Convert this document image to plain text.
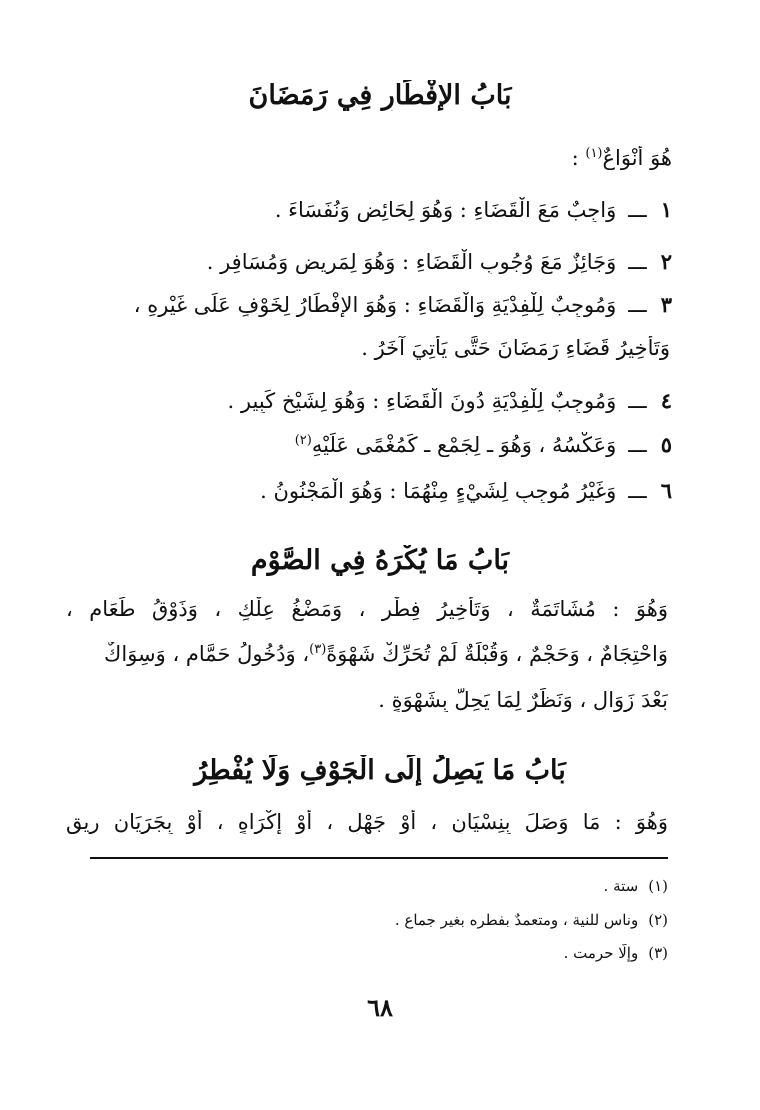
بَابُ الإِفْطَارِ فِي رَمَضَانَ
هُوَ أَنْوَاعٌ$^{(١)}$ :
١ـــوَاجِبٌ مَعَ الْقَضَاءِ : وَهُوَ لِحَائِضٍ وَنُفَسَاءَ .
٢ـــوَجَائِزٌ مَعَ وُجُوبِ الْقَضَاءِ : وَهُوَ لِمَرِيضٍ وَمُسَافِرٍ .
٣ـــوَمُوجِبٌ لِلْفِدْيَةِ وَالْقَضَاءِ : وَهُوَ الإِفْطَارُ لِخَوْفٍ عَلَى غَيْرِهِ ،
وَتَأْخِيرُ قَضَاءِ رَمَضَانَ حَتَّى يَأْتِيَ آخَرُ .
٤ـــوَمُوجِبٌ لِلْفِدْيَةِ دُونَ الْقَضَاءِ : وَهُوَ لِشَيْخٍ كَبِيرٍ .
٥ـــوَعَكْسُهُ ، وَهُوَ ـ لِجَمْعٍ ـ كَمُغْمًى عَلَيْهِ$^{(٢)}$
٦ـــوَغَيْرُ مُوجِبٍ لِشَيْءٍ مِنْهُمَا : وَهُوَ الْمَجْنُونُ .
بَابُ مَا يُكْرَهُ فِي الصَّوْمِ
وَهُوَ : مُشَاتَمَةٌ ، وَتَأْخِيرُ فِطْرٍ ، وَمَضْغُ عِلْكٍ ، وَذَوْقُ طَعَامٍ ،
وَاحْتِجَامٌ ، وَحَجْمٌ ، وَقُبْلَةٌ لَمْ تُحَرِّكْ شَهْوَةً$^{(٣)}$، وَدُخُولُ حَمَّامٍ ، وَسِوَاكٌ
بَعْدَ زَوَالٍ ، وَنَظَرٌ لِمَا يَحِلُّ بِشَهْوَةٍ .
بَابُ مَا يَصِلُ إِلَى الْجَوْفِ وَلَا يُفْطِرُ
وَهُوَ : مَا وَصَلَ بِنِسْيَانٍ ، أَوْ جَهْلٍ ، أَوْ إِكْرَاهٍ ، أَوْ بِجَرَيَانِ رِيقٍ
(١)ستة .
(٢)وناسٍ للنية ، ومتعمدٌ بفطره بغير جماع .
(٣)وإلّا حرمت .
٦٨
